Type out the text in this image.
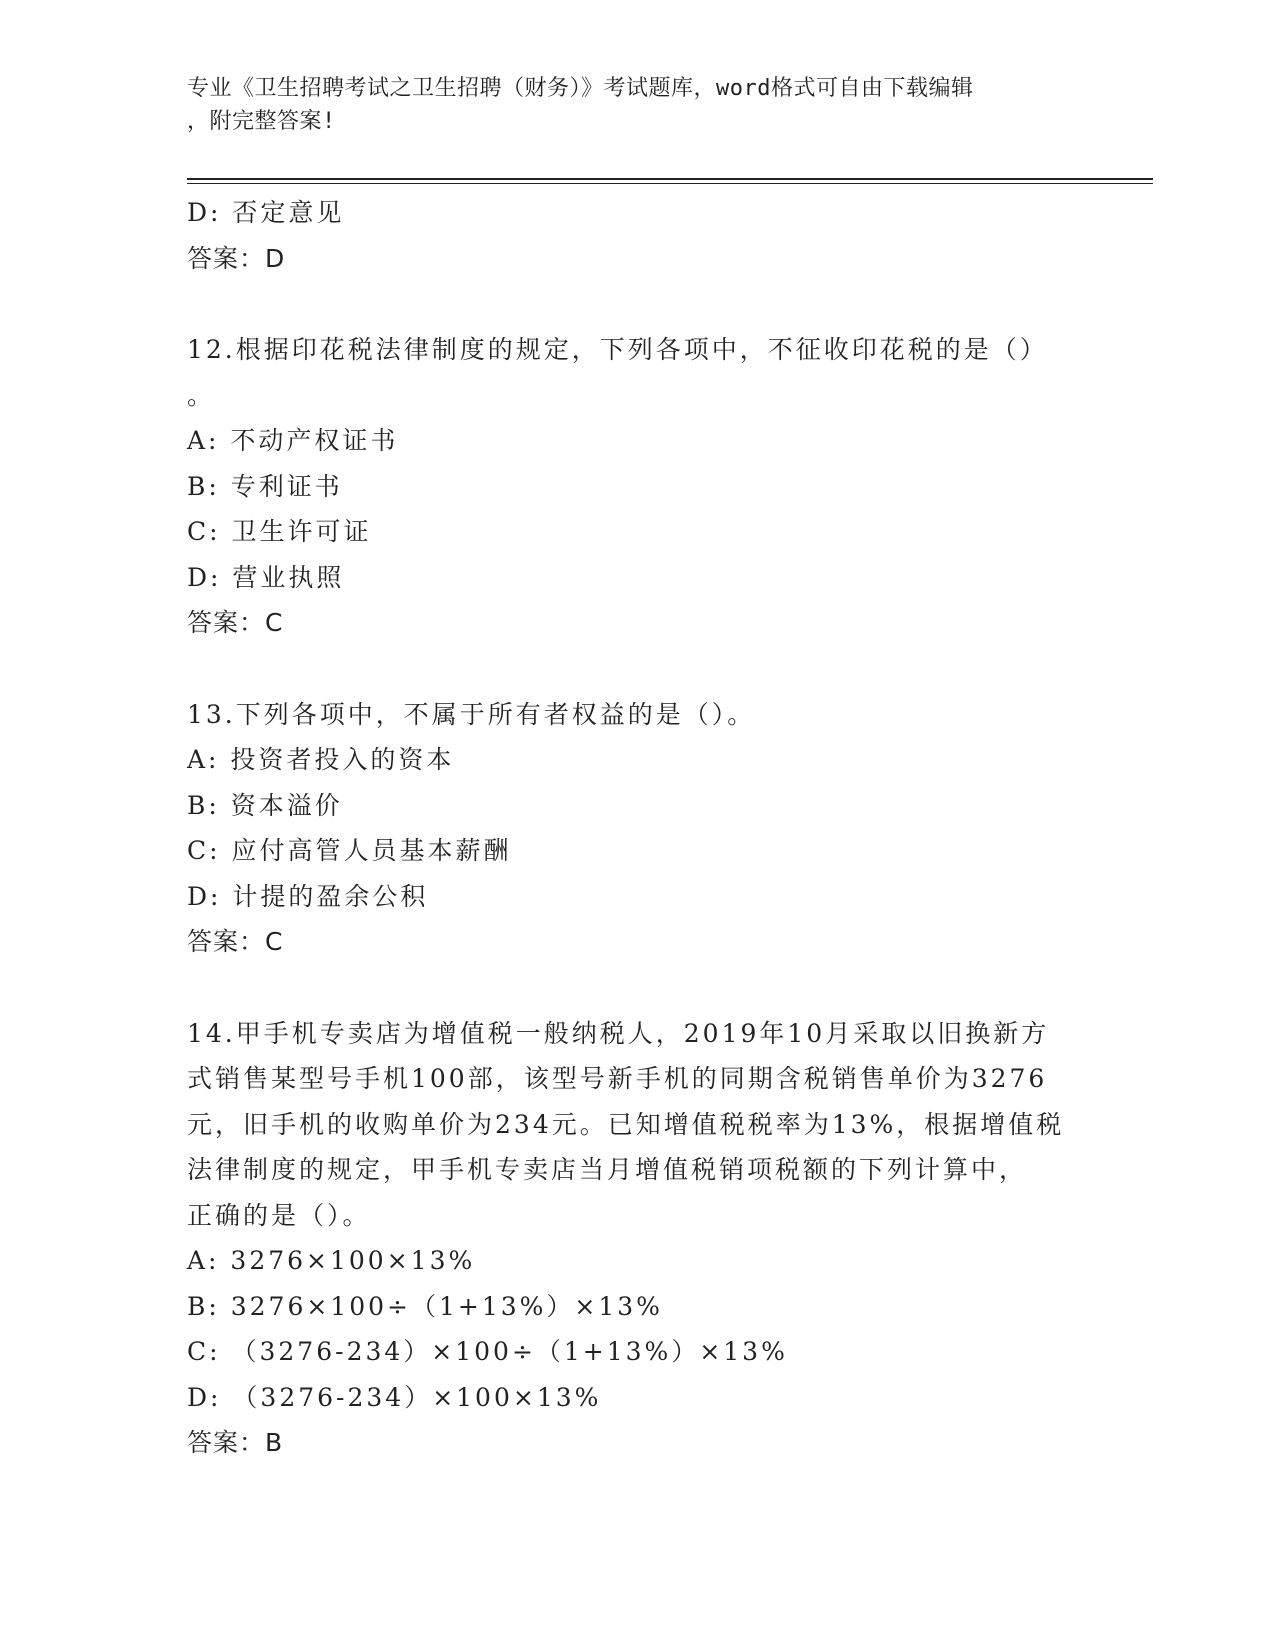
专业《卫生招聘考试之卫生招聘（财务）》考试题库，word格式可自由下载编辑
，附完整答案!
D: 否定意见
答案：D
12.根据印花税法律制度的规定，下列各项中，不征收印花税的是（）
。
A: 不动产权证书
B: 专利证书
C: 卫生许可证
D: 营业执照
答案：C
13.下列各项中，不属于所有者权益的是（）。
A: 投资者投入的资本
B: 资本溢价
C: 应付高管人员基本薪酬
D: 计提的盈余公积
答案：C
14.甲手机专卖店为增值税一般纳税人，2019年10月采取以旧换新方
式销售某型号手机100部，该型号新手机的同期含税销售单价为3276
元，旧手机的收购单价为234元。已知增值税税率为13%，根据增值税
法律制度的规定，甲手机专卖店当月增值税销项税额的下列计算中，
正确的是（）。
A: 3276×100×13%
B: 3276×100÷（1+13%）×13%
C: （3276-234）×100÷（1+13%）×13%
D: （3276-234）×100×13%
答案：B
